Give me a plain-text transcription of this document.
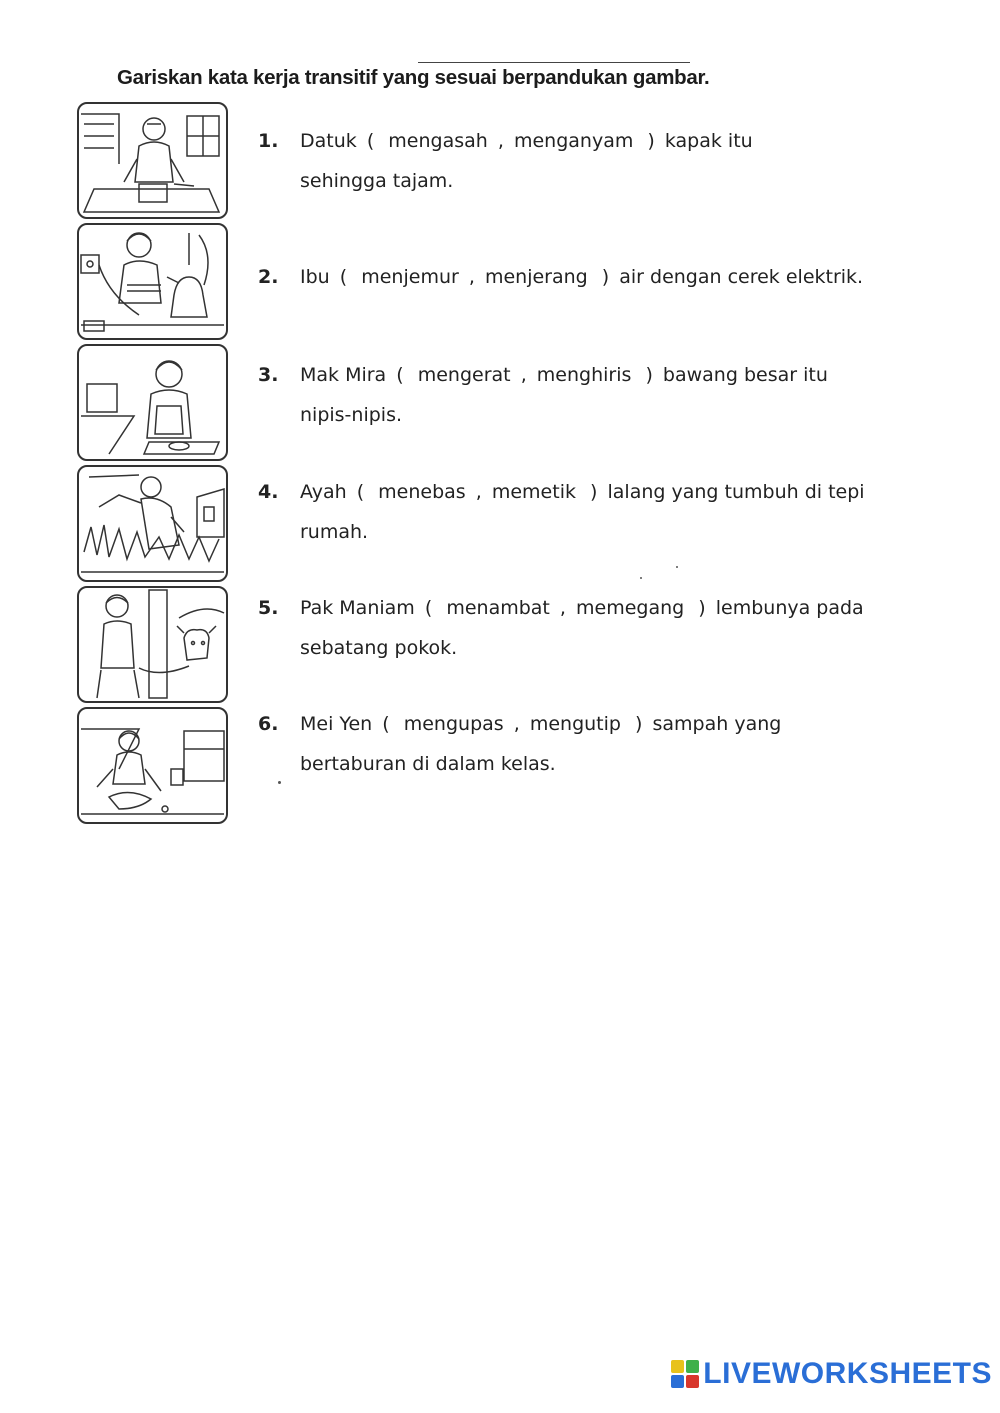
Gariskan kata kerja transitif yang sesuai berpandukan gambar.
1. Datuk ( mengasah , menganyam ) kapak itu
sehingga tajam.
2. Ibu ( menjemur , menjerang ) air dengan cerek elektrik.
3. Mak Mira ( mengerat , menghiris ) bawang besar itu
nipis-nipis.
4. Ayah ( menebas , memetik ) lalang yang tumbuh di tepi
rumah.
5. Pak Maniam ( menambat , memegang ) lembunya pada
sebatang pokok.
6. Mei Yen ( mengupas , mengutip ) sampah yang
bertaburan di dalam kelas.
LIVEWORKSHEETS
